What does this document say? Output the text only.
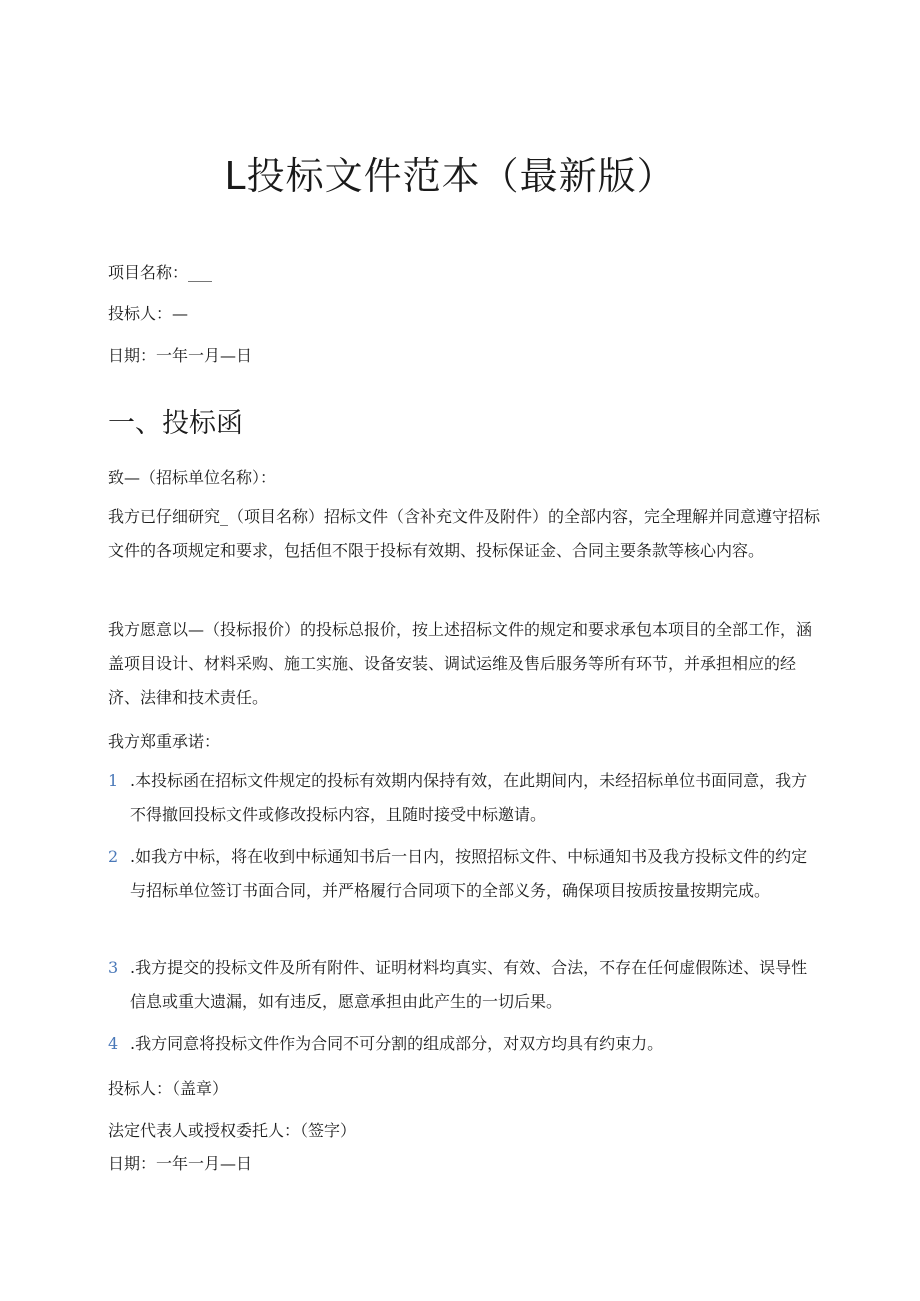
L投标文件范本（最新版）
项目名称：___
投标人：—
日期：一年一月—日
一、投标函
致—（招标单位名称）：

我方已仔细研究_（项目名称）招标文件（含补充文件及附件）的全部内容，完全理解并同意遵守招标文件的各项规定和要求，包括但不限于投标有效期、投标保证金、合同主要条款等核心内容。

我方愿意以—（投标报价）的投标总报价，按上述招标文件的规定和要求承包本项目的全部工作，涵盖项目设计、材料采购、施工实施、设备安装、调试运维及售后服务等所有环节，并承担相应的经济、法律和技术责任。

我方郑重承诺：
1 .本投标函在招标文件规定的投标有效期内保持有效，在此期间内，未经招标单位书面同意，我方不得撤回投标文件或修改投标内容，且随时接受中标邀请。
2 .如我方中标，将在收到中标通知书后一日内，按照招标文件、中标通知书及我方投标文件的约定与招标单位签订书面合同，并严格履行合同项下的全部义务，确保项目按质按量按期完成。
3 .我方提交的投标文件及所有附件、证明材料均真实、有效、合法，不存在任何虚假陈述、误导性信息或重大遗漏，如有违反，愿意承担由此产生的一切后果。
4 .我方同意将投标文件作为合同不可分割的组成部分，对双方均具有约束力。
投标人：（盖章）
法定代表人或授权委托人：（签字）
日期：一年一月—日
